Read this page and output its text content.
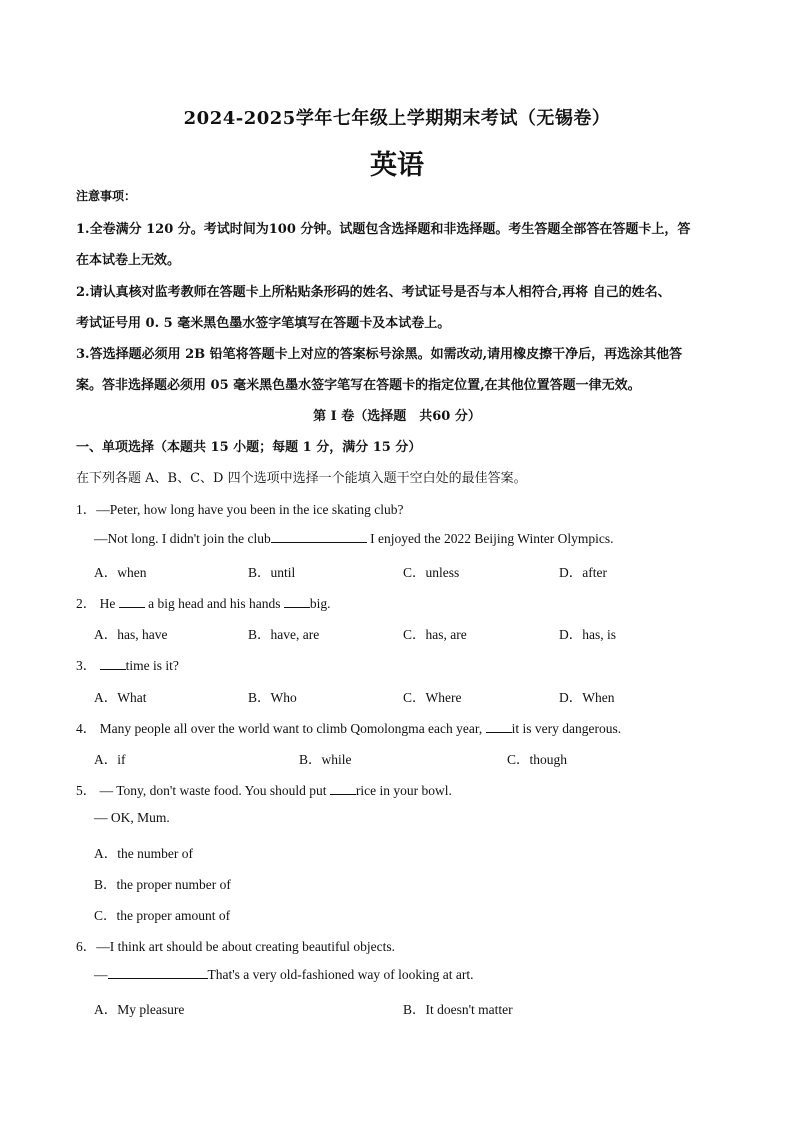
2024-2025学年七年级上学期期末考试（无锡卷）
英语
注意事项：
1.全卷满分 120 分。考试时间为100 分钟。试题包含选择题和非选择题。考生答题全部答在答题卡上，答
在本试卷上无效。
2.请认真核对监考教师在答题卡上所粘贴条形码的姓名、考试证号是否与本人相符合,再将 自己的姓名、
考试证号用 0. 5 毫米黑色墨水签字笔填写在答题卡及本试卷上。
3.答选择题必须用 2B 铅笔将答题卡上对应的答案标号涂黑。如需改动,请用橡皮擦干净后，再选涂其他答
案。答非选择题必须用 05 毫米黑色墨水签字笔写在答题卡的指定位置,在其他位置答题一律无效。
第 I 卷（选择题　共60 分）
一、单项选择（本题共 15 小题；每题 1 分，满分 15 分）
在下列各题 A、B、C、D 四个选项中选择一个能填入题干空白处的最佳答案。
1．—Peter, how long have you been in the ice skating club?
—Not long. I didn't join the club	I enjoyed the 2022 Beijing Winter Olympics.
A．when	B．until	C．unless	D．after
2． He  a big head and his hands big.
A．has, have	B．have, are	C．has, are	D．has, is
3． time is it?
A．What	B．Who	C．Where	D．When
4． Many people all over the world want to climb Qomolongma each year, it is very dangerous.
A．if	B．while	C．though
5． — Tony, don't waste food. You should put rice in your bowl.
— OK, Mum.
A．the number of
B．the proper number of
C．the proper amount of
6．—I think art should be about creating beautiful objects.
—	That's a very old-fashioned way of looking at art.
A．My pleasure	B．It doesn't matter
